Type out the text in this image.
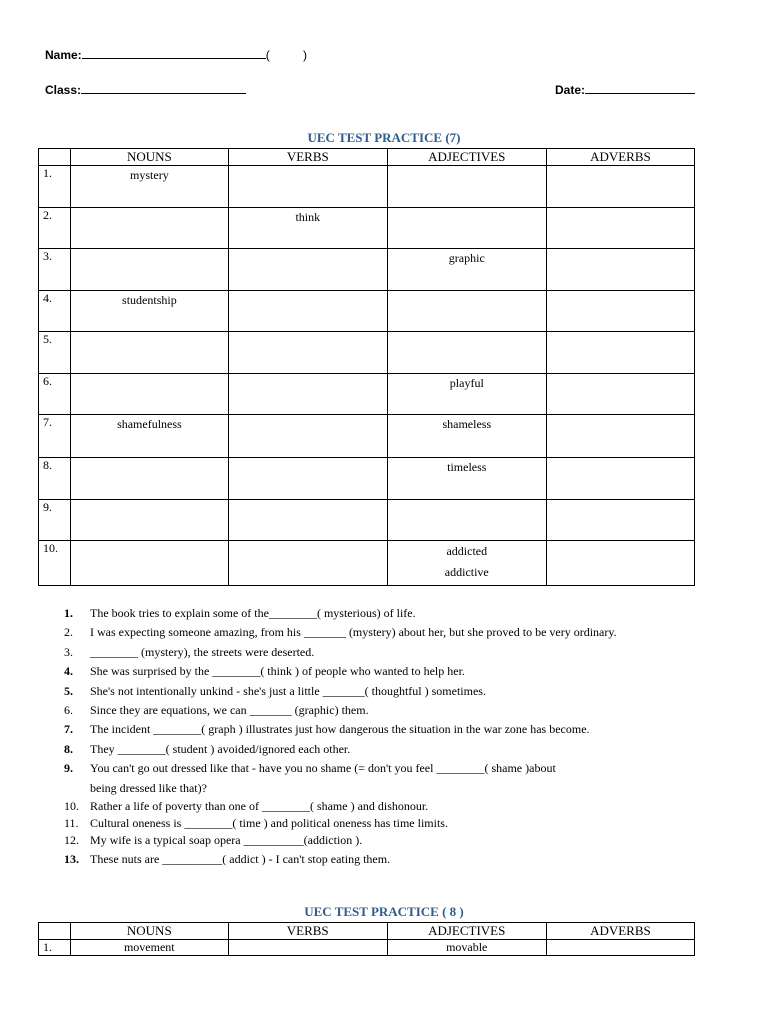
Name:	(          )
Class:	Date:
UEC TEST PRACTICE (7)
	NOUNS	VERBS	ADJECTIVES	ADVERBS
1.	mystery			

2.		think		

3.			graphic	

4.	studentship			

5.	

6.			playful	

7.	shamefulness		shameless	

8.			timeless	

9.	

10.			addicted
addictive	

1.	The book tries to explain some of the________( mysterious) of life.
2.	I was expecting someone amazing, from his _______ (mystery) about her, but she proved to be very ordinary.
3.	________ (mystery), the streets were deserted.
4.	She was surprised by the ________( think ) of people who wanted to help her.
5.	She's not intentionally unkind - she's just a little _______( thoughtful ) sometimes.
6.	Since they are equations, we can _______ (graphic) them.
7.	The incident ________( graph ) illustrates just how dangerous the situation in the war zone has become.
8.	They ________( student ) avoided/ignored each other.
9.	You can't go out dressed like that - have you no shame (= don't you feel ________( shame )about
being dressed like that)?
10. Rather a life of poverty than one of ________( shame ) and dishonour.
11. Cultural oneness is ________( time ) and political oneness has time limits.
12. My wife is a typical soap opera __________(addiction ).
13. These nuts are __________( addict ) - I can't stop eating them.
UEC TEST PRACTICE ( 8 )
	NOUNS	VERBS	ADJECTIVES	ADVERBS
1.	movement		movable	
